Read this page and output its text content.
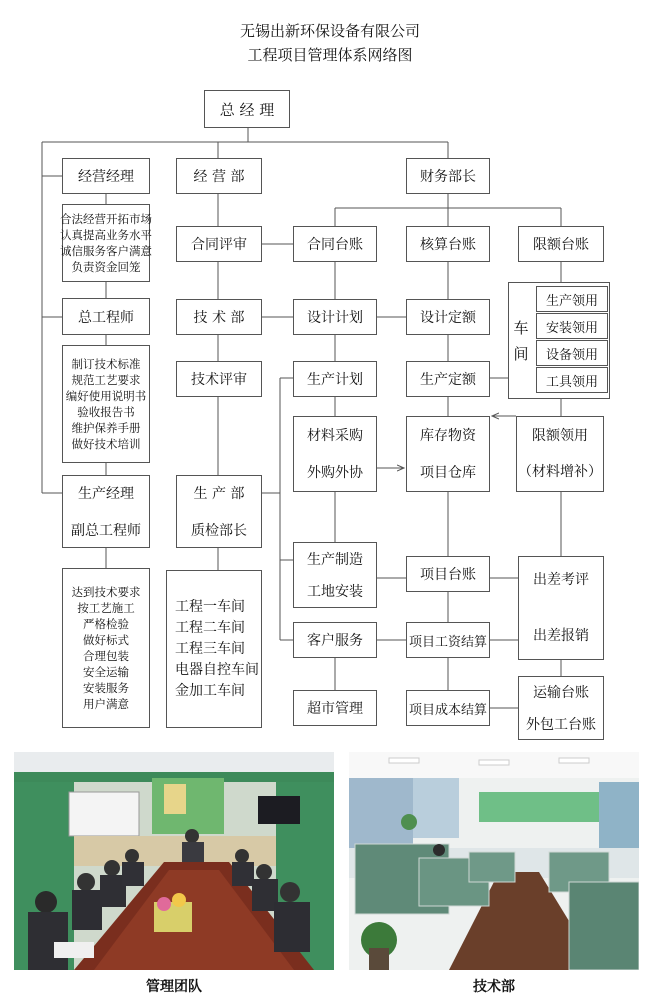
无锡出新环保设备有限公司
工程项目管理体系网络图
总 经 理
经营经理	经 营 部	财务部长
合法经营开拓市场
认真提高业务水平
诚信服务客户满意
负责资金回笼
合同评审	合同台账	核算台账	限额台账
总工程师	技 术 部	设计计划	设计定额
车
间
生产领用
安装领用
设备领用
工具领用
制订技术标准
规范工艺要求
编好使用说明书
验收报告书
维护保养手册
做好技术培训
技术评审	生产计划	生产定额
材料采购
外购外协
库存物资
项目仓库
限额领用
（材料增补）
生产经理
副总工程师
生 产 部
质检部长
生产制造
工地安装
项目台账	出差考评
出差报销
达到技术要求
按工艺施工
严格检验
做好标式
合理包装
安全运输
安装服务
用户满意
工程一车间
工程二车间
工程三车间
电器自控车间
金加工车间
客户服务	项目工资结算
超市管理	项目成本结算
运输台账
外包工台账
管理团队	技术部
